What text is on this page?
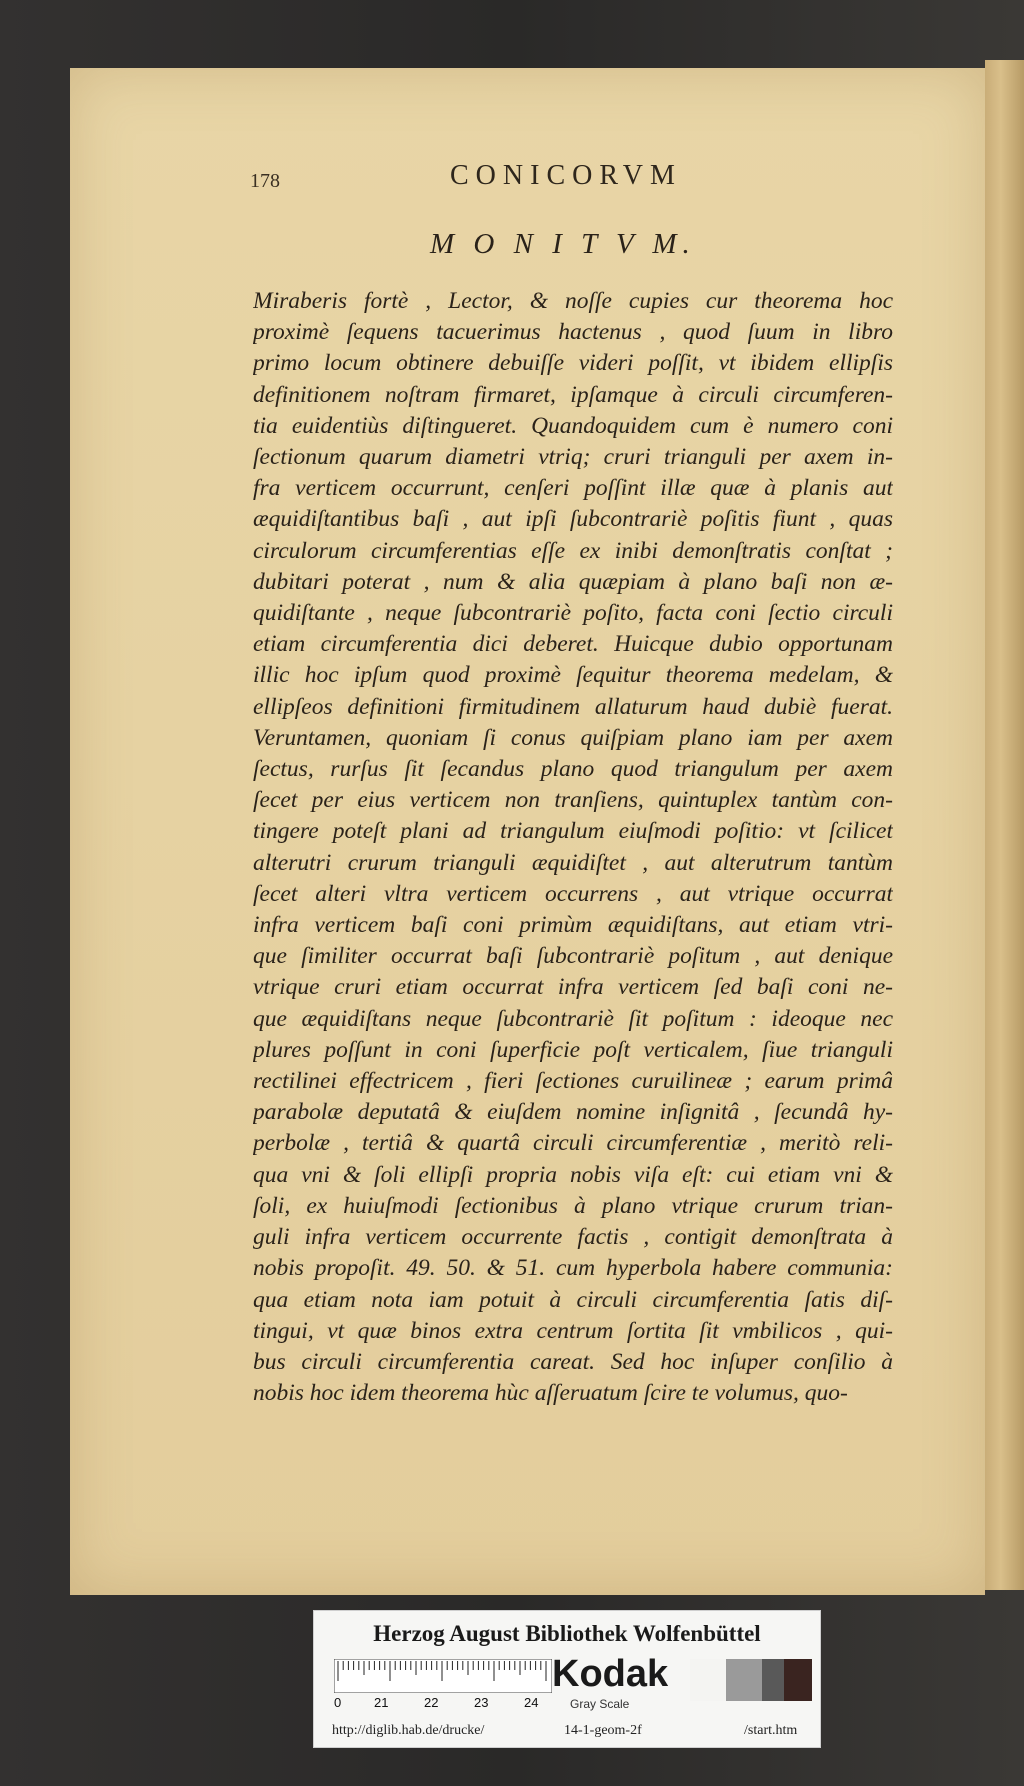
178	CONICORVM
M O N I T V M.
Miraberis fortè , Lector, & noſſe cupies cur theorema hoc
proximè ſequens tacuerimus hactenus , quod ſuum in libro
primo locum obtinere debuiſſe videri poſſit, vt ibidem ellipſis
definitionem noſtram firmaret, ipſamque à circuli circumferen-
tia euidentiùs diſtingueret. Quandoquidem cum è numero coni
ſectionum quarum diametri vtriq; cruri trianguli per axem in-
fra verticem occurrunt, cenſeri poſſint illæ quæ à planis aut
æquidiſtantibus baſi , aut ipſi ſubcontrariè poſitis fiunt , quas
circulorum circumferentias eſſe ex inibi demonſtratis conſtat ;
dubitari poterat , num & alia quæpiam à plano baſi non æ-
quidiſtante , neque ſubcontrariè poſito, facta coni ſectio circuli
etiam circumferentia dici deberet. Huicque dubio opportunam
illic hoc ipſum quod proximè ſequitur theorema medelam, &
ellipſeos definitioni firmitudinem allaturum haud dubiè fuerat.
Veruntamen, quoniam ſi conus quiſpiam plano iam per axem
ſectus, rurſus ſit ſecandus plano quod triangulum per axem
ſecet per eius verticem non tranſiens, quintuplex tantùm con-
tingere poteſt plani ad triangulum eiuſmodi poſitio: vt ſcilicet
alterutri crurum trianguli æquidiſtet , aut alterutrum tantùm
ſecet alteri vltra verticem occurrens , aut vtrique occurrat
infra verticem baſi coni primùm æquidiſtans, aut etiam vtri-
que ſimiliter occurrat baſi ſubcontrariè poſitum , aut denique
vtrique cruri etiam occurrat infra verticem ſed baſi coni ne-
que æquidiſtans neque ſubcontrariè ſit poſitum : ideoque nec
plures poſſunt in coni ſuperficie poſt verticalem, ſiue trianguli
rectilinei effectricem , fieri ſectiones curuilineæ ; earum primâ
parabolæ deputatâ & eiuſdem nomine inſignitâ , ſecundâ hy-
perbolæ , tertiâ & quartâ circuli circumferentiæ , meritò reli-
qua vni & ſoli ellipſi propria nobis viſa eſt: cui etiam vni &
ſoli, ex huiuſmodi ſectionibus à plano vtrique crurum trian-
guli infra verticem occurrente factis , contigit demonſtrata à
nobis propoſit. 49. 50. & 51. cum hyperbola habere communia:
qua etiam nota iam potuit à circuli circumferentia ſatis diſ-
tingui, vt quæ binos extra centrum ſortita ſit vmbilicos , qui-
bus circuli circumferentia careat. Sed hoc inſuper conſilio à
nobis hoc idem theorema hùc aſſeruatum ſcire te volumus, quo-
Herzog August Bibliothek Wolfenbüttel
0	21	22	23	24
Kodak
Gray Scale
http://diglib.hab.de/drucke/	14-1-geom-2f	/start.htm
